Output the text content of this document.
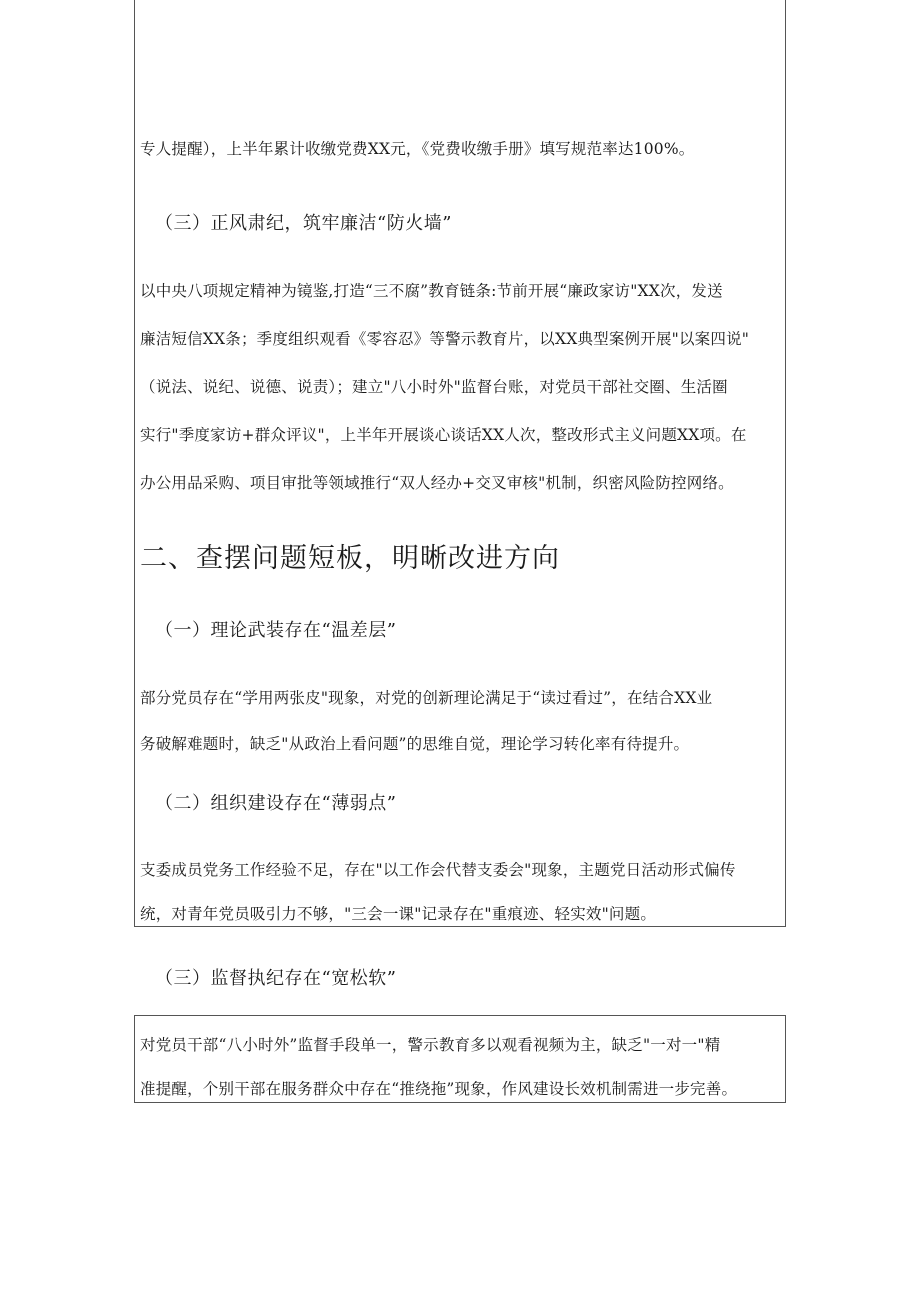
专人提醒），上半年累计收缴党费XX元，《党费收缴手册》填写规范率达100%。
（三）正风肃纪，筑牢廉洁“防火墙”
以中央八项规定精神为镜鉴,打造“三不腐”教育链条:节前开展“廉政家访"XX次，发送
廉洁短信XX条；季度组织观看《零容忍》等警示教育片，以XX典型案例开展"以案四说"
（说法、说纪、说德、说责）；建立"八小时外"监督台账，对党员干部社交圈、生活圈
实行"季度家访+群众评议"，上半年开展谈心谈话XX人次，整改形式主义问题XX项。在
办公用品采购、项目审批等领域推行“双人经办+交叉审核"机制，织密风险防控网络。
二、查摆问题短板，明晰改进方向
（一）理论武装存在“温差层”
部分党员存在“学用两张皮"现象，对党的创新理论满足于“读过看过”，在结合XX业
务破解难题时，缺乏"从政治上看问题”的思维自觉，理论学习转化率有待提升。
（二）组织建设存在“薄弱点”
支委成员党务工作经验不足，存在"以工作会代替支委会"现象，主题党日活动形式偏传
统，对青年党员吸引力不够，"三会一课"记录存在"重痕迹、轻实效"问题。
（三）监督执纪存在“宽松软”
对党员干部“八小时外”监督手段单一，警示教育多以观看视频为主，缺乏"一对一"精
准提醒，个别干部在服务群众中存在“推绕拖”现象，作风建设长效机制需进一步完善。
